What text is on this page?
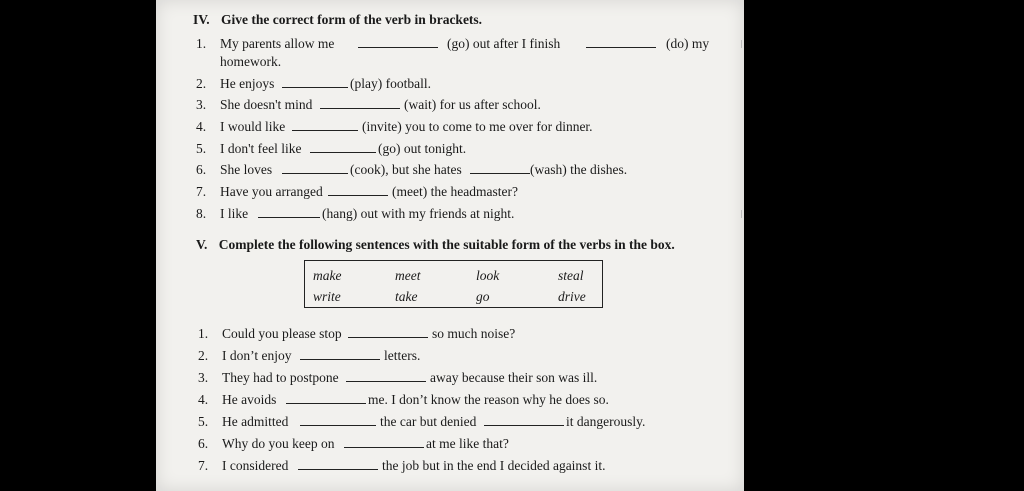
IV. Give the correct form of the verb in brackets.
1. My parents allow me	(go) out after I finish	(do) my
homework.
2. He enjoys	(play) football.
3. She doesn't mind	(wait) for us after school.
4. I would like	(invite) you to come to me over for dinner.
5. I don't feel like	(go) out tonight.
6. She loves	(cook), but she hates	(wash) the dishes.
7. Have you arranged	(meet) the headmaster?
8. I like	(hang) out with my friends at night.
V. Complete the following sentences with the suitable form of the verbs in the box.
make	meet	look	steal
write	take	go	drive
1. Could you please stop	so much noise?
2. I don’t enjoy	letters.
3. They had to postpone	away because their son was ill.
4. He avoids	me. I don’t know the reason why he does so.
5. He admitted	the car but denied	it dangerously.
6. Why do you keep on	at me like that?
7. I considered	the job but in the end I decided against it.
